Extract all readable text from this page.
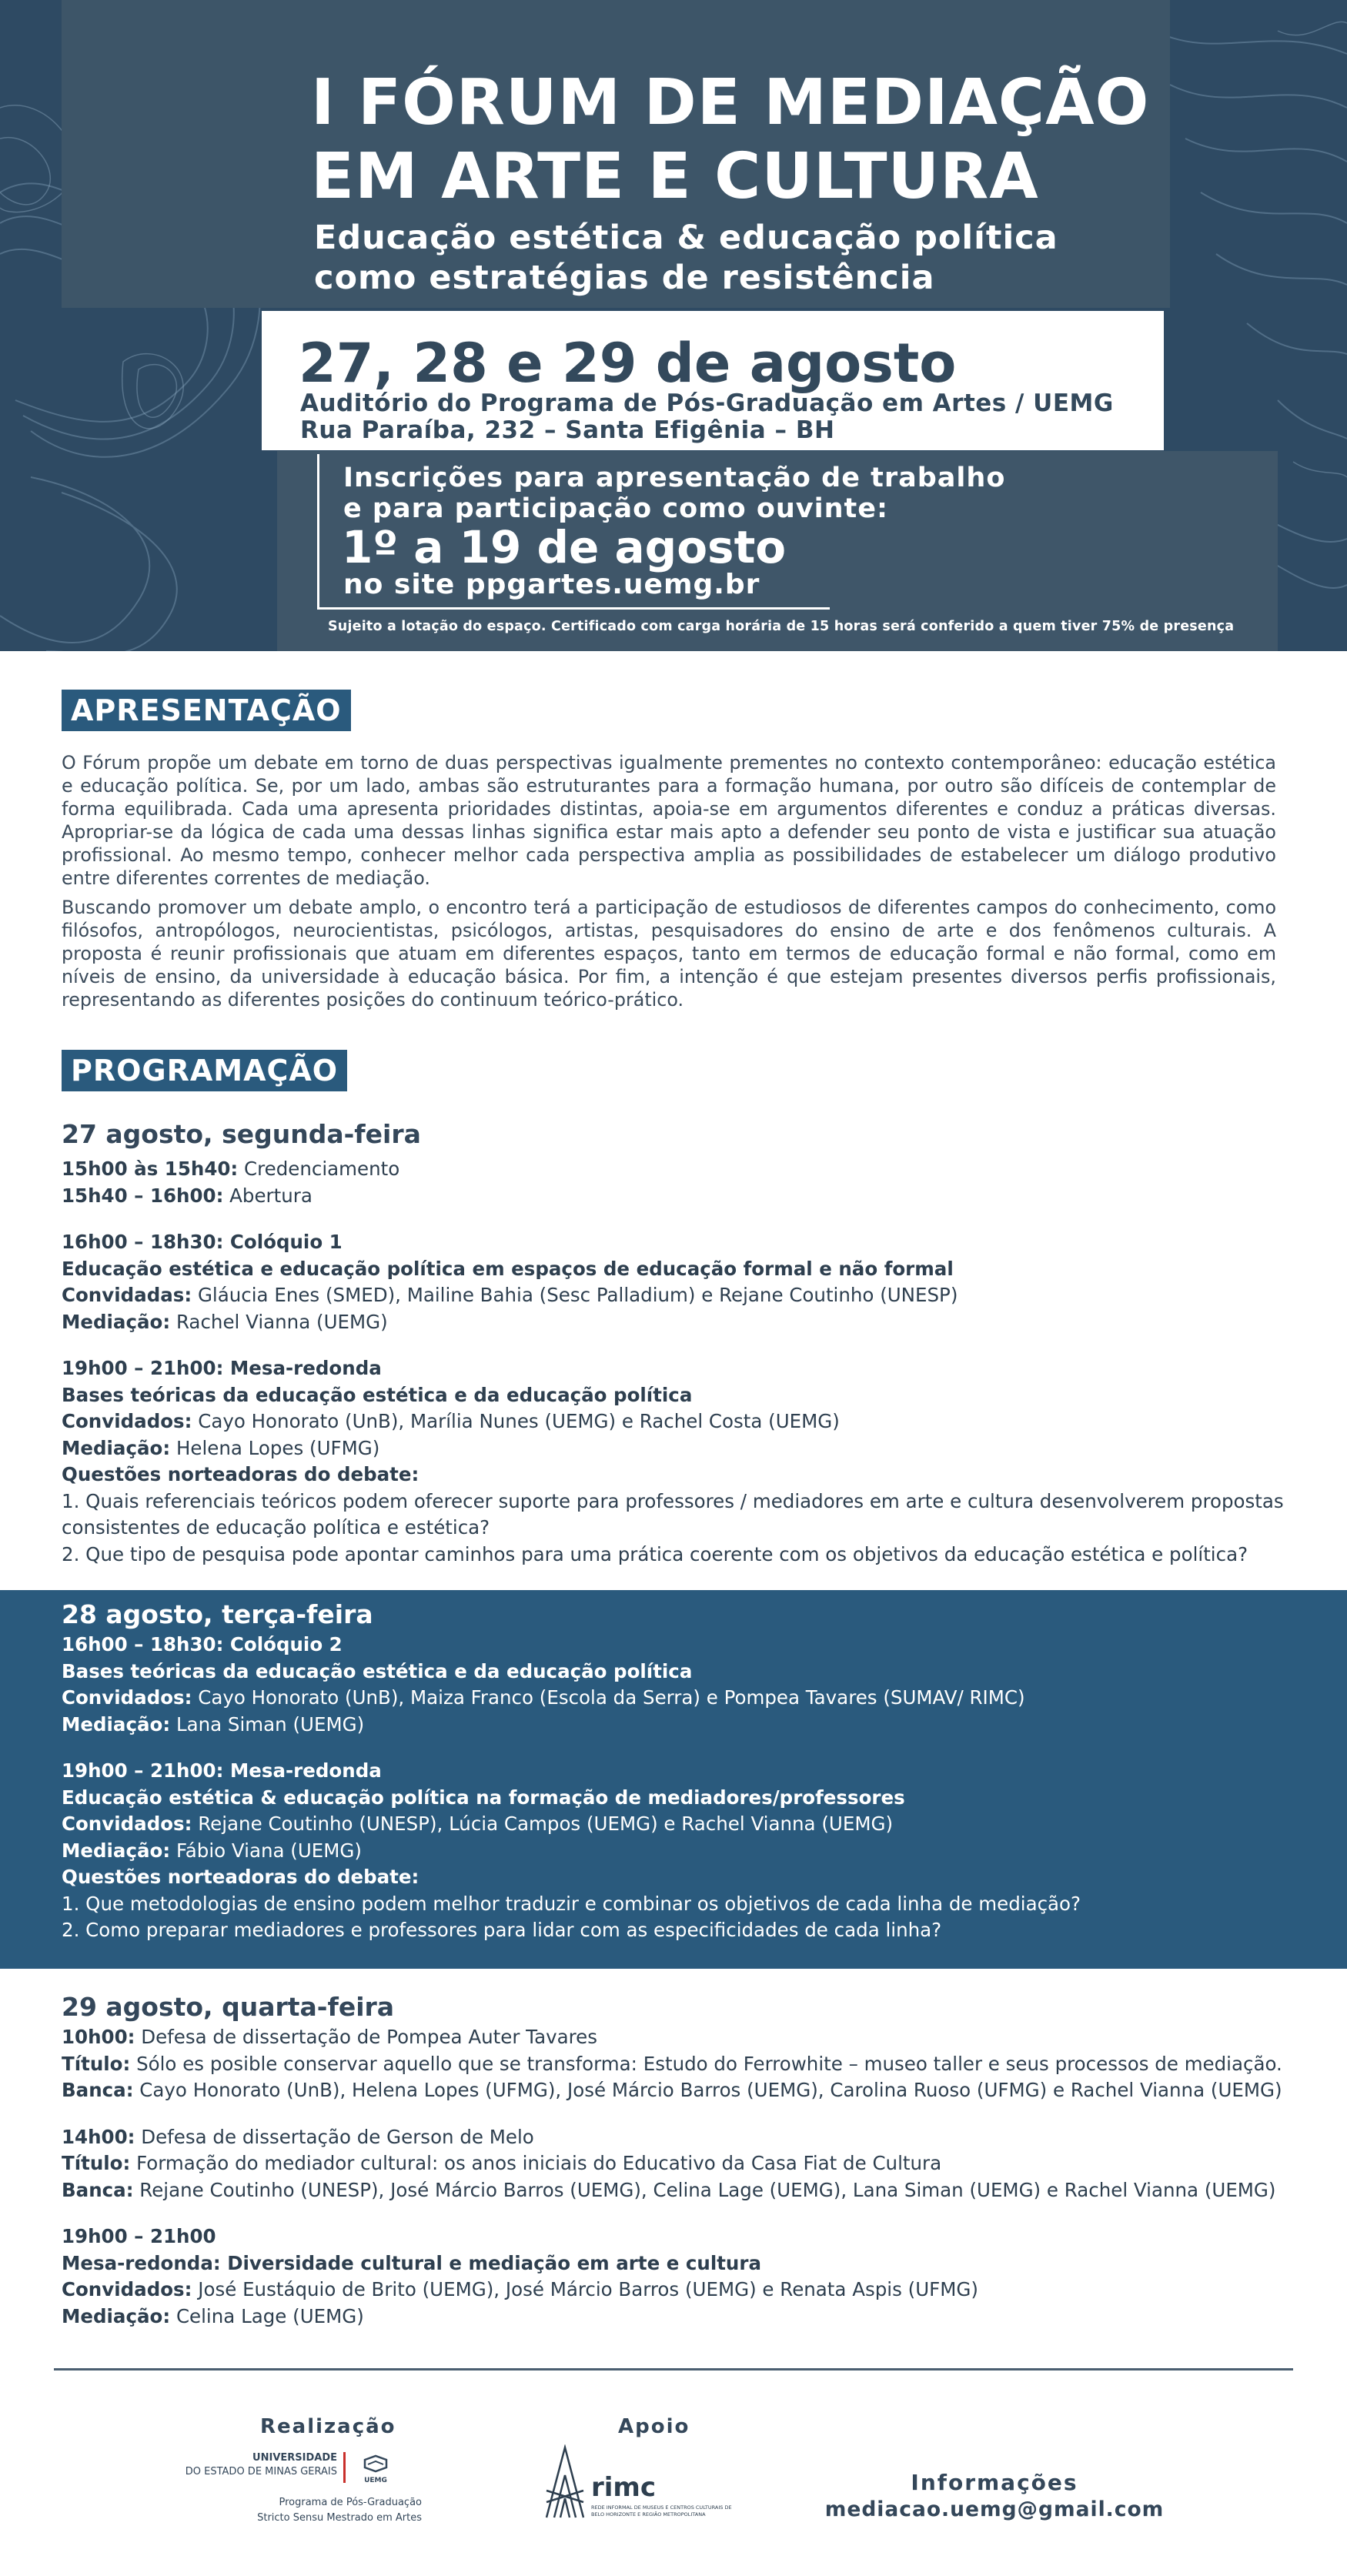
I FÓRUM DE MEDIAÇÃO
EM ARTE E CULTURA
Educação estética & educação política
como estratégias de resistência
27, 28 e 29 de agosto
Auditório do Programa de Pós-Graduação em Artes / UEMG
Rua Paraíba, 232 – Santa Efigênia – BH
Inscrições para apresentação de trabalho
e para participação como ouvinte:
1º a 19 de agosto
no site ppgartes.uemg.br
Sujeito a lotação do espaço. Certificado com carga horária de 15 horas será conferido a quem tiver 75% de presença
APRESENTAÇÃO

O Fórum propõe um debate em torno de duas perspectivas igualmente prementes no contexto contemporâneo: educação estética e educação política. Se, por um lado, ambas são estruturantes para a formação humana, por outro são difíceis de contemplar de forma equilibrada. Cada uma apresenta prioridades distintas, apoia-se em argumentos diferentes e conduz a práticas diversas. Apropriar-se da lógica de cada uma dessas linhas significa estar mais apto a defender seu ponto de vista e justificar sua atuação profissional. Ao mesmo tempo, conhecer melhor cada perspectiva amplia as possibilidades de estabelecer um diálogo produtivo entre diferentes correntes de mediação.

Buscando promover um debate amplo, o encontro terá a participação de estudiosos de diferentes campos do conhecimento, como filósofos, antropólogos, neurocientistas, psicólogos, artistas, pesquisadores do ensino de arte e dos fenômenos culturais. A proposta é reunir profissionais que atuam em diferentes espaços, tanto em termos de educação formal e não formal, como em níveis de ensino, da universidade à educação básica. Por fim, a intenção é que estejam presentes diversos perfis profissionais, representando as diferentes posições do continuum teórico-prático.

PROGRAMAÇÃO
27 agosto, segunda-feira
15h00 às 15h40: Credenciamento
15h40 – 16h00: Abertura
16h00 – 18h30: Colóquio 1
Educação estética e educação política em espaços de educação formal e não formal
Convidadas: Gláucia Enes (SMED), Mailine Bahia (Sesc Palladium) e Rejane Coutinho (UNESP)
Mediação: Rachel Vianna (UEMG)
19h00 – 21h00: Mesa-redonda
Bases teóricas da educação estética e da educação política
Convidados: Cayo Honorato (UnB), Marília Nunes (UEMG) e Rachel Costa (UEMG)
Mediação: Helena Lopes (UFMG)
Questões norteadoras do debate:
1. Quais referenciais teóricos podem oferecer suporte para professores / mediadores em arte e cultura desenvolverem propostas consistentes de educação política e estética?
2. Que tipo de pesquisa pode apontar caminhos para uma prática coerente com os objetivos da educação estética e política?
28 agosto, terça-feira
16h00 – 18h30: Colóquio 2
Bases teóricas da educação estética e da educação política
Convidados: Cayo Honorato (UnB), Maiza Franco (Escola da Serra) e Pompea Tavares (SUMAV/ RIMC)
Mediação: Lana Siman (UEMG)
19h00 – 21h00: Mesa-redonda
Educação estética & educação política na formação de mediadores/professores
Convidados: Rejane Coutinho (UNESP), Lúcia Campos (UEMG) e Rachel Vianna (UEMG)
Mediação: Fábio Viana (UEMG)
Questões norteadoras do debate:
1. Que metodologias de ensino podem melhor traduzir e combinar os objetivos de cada linha de mediação?
2. Como preparar mediadores e professores para lidar com as especificidades de cada linha?
29 agosto, quarta-feira
10h00: Defesa de dissertação de Pompea Auter Tavares
Título: Sólo es posible conservar aquello que se transforma: Estudo do Ferrowhite – museo taller e seus processos de mediação.
Banca: Cayo Honorato (UnB), Helena Lopes (UFMG), José Márcio Barros (UEMG), Carolina Ruoso (UFMG) e Rachel Vianna (UEMG)
14h00: Defesa de dissertação de Gerson de Melo
Título: Formação do mediador cultural: os anos iniciais do Educativo da Casa Fiat de Cultura
Banca: Rejane Coutinho (UNESP), José Márcio Barros (UEMG), Celina Lage (UEMG), Lana Siman (UEMG) e Rachel Vianna (UEMG)
19h00 – 21h00
Mesa-redonda: Diversidade cultural e mediação em arte e cultura
Convidados: José Eustáquio de Brito (UEMG), José Márcio Barros (UEMG) e Renata Aspis (UFMG)
Mediação: Celina Lage (UEMG)
Realização
UNIVERSIDADE
DO ESTADO DE MINAS GERAIS
UEMG
Programa de Pós-Graduação
Stricto Sensu Mestrado em Artes
Apoio
rimc
REDE INFORMAL DE MUSEUS E CENTROS CULTURAIS DE BELO HORIZONTE E REGIÃO METROPOLITANA
Informações
mediacao.uemg@gmail.com
